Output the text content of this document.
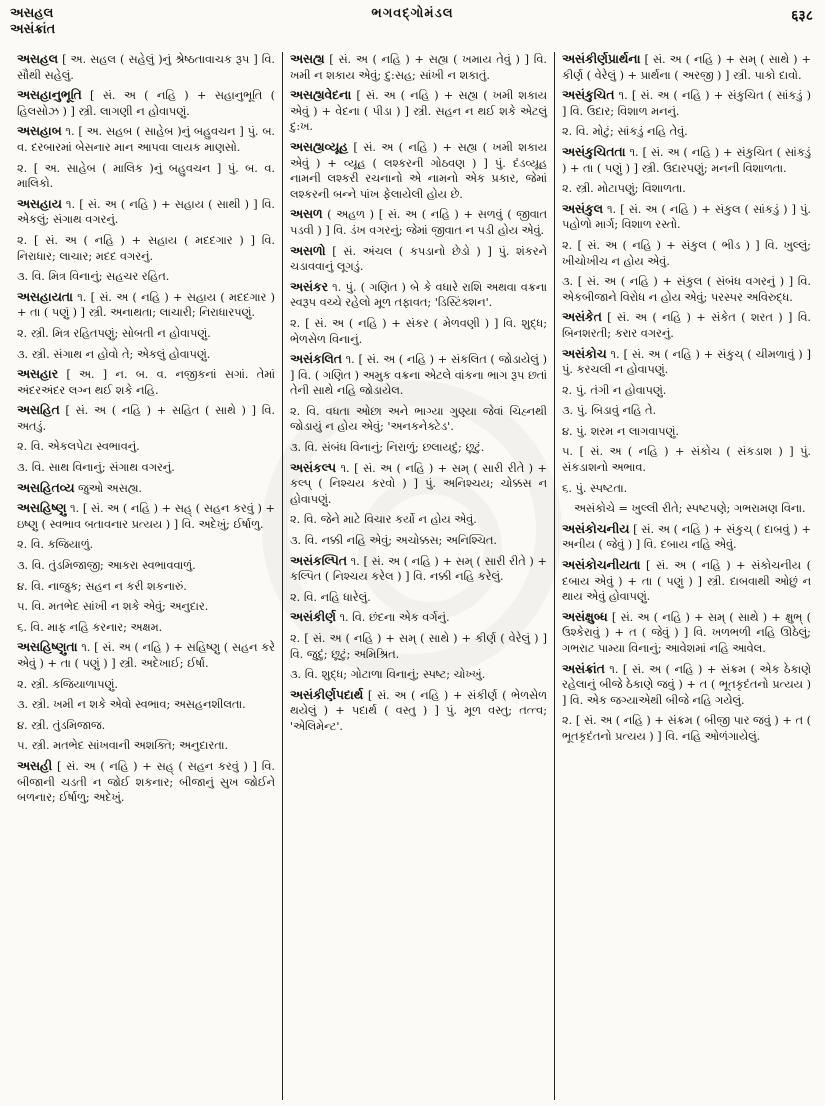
અસહલ
અસંક્રાંત
ભગવદ્ગોમંડલ	६३८
અસહલ [ અ. સહલ ( સહેલું )નું શ્રેષ્ઠતાવાચક રૂપ ] વિ. સૌથી સહેલું.
અસહાનુભૂતિ [ સં. અ ( નહિ ) + સહાનુભૂતિ ( હિલસોઝ ) ] સ્ત્રી. લાગણી ન હોવાપણું.
અસહાબ ૧. [ અ. સહબ ( સાહેબ )નું બહુવચન ] પું. બ. વ. દરબારમાં બેસનાર માન આપવા લાયક માણસો.
૨. [ અ. સાહેબ ( માલિક )નું બહુવચન ] પું. બ. વ. માલિકો.
અસહાય ૧. [ સં. અ ( નહિ ) + સહાય ( સાથી ) ] વિ. એકલું; સંગાથ વગરનું.
૨. [ સં. અ ( નહિ ) + સહાય ( મદદગાર ) ] વિ. નિરાધાર; લાચાર; મદદ વગરનું.
૩. વિ. મિત્ર વિનાનું; સહચર રહિત.
અસહાયતા ૧. [ સં. અ ( નહિ ) + સહાય ( મદદગાર ) + તા ( પણું ) ] સ્ત્રી. અનાથતા; લાચારી; નિરાધારપણું.
૨. સ્ત્રી. મિત્ર રહિતપણું; સોબતી ન હોવાપણું.
૩. સ્ત્રી. સંગાથ ન હોવો તે; એકલું હોવાપણું.
અસહાર [ અ. ] ન. બ. વ. નજીકનાં સગાં. તેમાં અંદરઅંદર લગ્ન થઈ શકે નહિ.
અસહિત [ સં. અ ( નહિ ) + સહિત ( સાથે ) ] વિ. અતડું.
૨. વિ. એકલપેટા સ્વભાવનું.
૩. વિ. સાથ વિનાનું; સંગાથ વગરનું.
અસહિતવ્ય જુઓ અસહ્ય.
અસહિષ્ણુ ૧. [ સં. અ ( નહિ ) + સહ્ ( સહન કરવું ) + ઇષ્ણુ ( સ્વભાવ બતાવનાર પ્રત્યય ) ] વિ. અદેખું; ઈર્ષાળુ.
૨. વિ. કજિયાળું.
૩. વિ. તુંડમિજાજી; આકરા સ્વભાવવાળું.
૪. વિ. નાજુક; સહન ન કરી શકનારું.
૫. વિ. મતભેદ સાંખી ન શકે એવું; અનુદાર.
૬. વિ. માફ નહિ કરનાર; અક્ષમ.
અસહિષ્ણુતા ૧. [ સં. અ ( નહિ ) + સહિષ્ણુ ( સહન કરે એવું ) + તા ( પણું ) ] સ્ત્રી. અદેખાઈ; ઈર્ષા.
૨. સ્ત્રી. કજિયાળાપણું.
૩. સ્ત્રી. ખમી ન શકે એવો સ્વભાવ; અસહનશીલતા.
૪. સ્ત્રી. તુંડમિજાજ.
૫. સ્ત્રી. મતભેદ સાંખવાની અશક્તિ; અનુદારતા.
અસહી [ સં. અ ( નહિ ) + સહ્ ( સહન કરવું ) ] વિ. બીજાની ચડતી ન જોઈ શકનાર; બીજાનું સુખ જોઈને બળનાર; ઈર્ષાળુ; અદેખું.
અસહ્ય [ સં. અ ( નહિ ) + સહ્ય ( ખમાય તેવું ) ] વિ. ખમી ન શકાય એવું; દુ:સહ; સાંખી ન શકાતું.
અસહ્યવેદના [ સં. અ ( નહિ ) + સહ્ય ( ખમી શકાય એવું ) + વેદના ( પીડા ) ] સ્ત્રી. સહન ન થઈ શકે એટલું દુ:ખ.
અસહ્યવ્યૂહ [ સં. અ ( નહિ ) + સહ્ય ( ખમી શકાય એવું ) + વ્યૂહ ( લશ્કરની ગોઠવણ ) ] પું. દંડવ્યૂહ નામની લશ્કરી રચનાનો એ નામનો એક પ્રકાર, જેમાં લશ્કરની બન્ને પાંખ ફેલાયેલી હોય છે.
અસળ ( અહળ ) [ સં. અ ( નહિ ) + સળવું ( જીવાત પડવી ) ] વિ. ડંખ વગરનું; જેમાં જીવાત ન પડી હોય એવું.
અસળો [ સં. અંચલ ( કપડાનો છેડો ) ] પું. શંકરને ચડાવવાનું લૂગડું.
અસંકર ૧. પું. ( ગણિત ) બે કે વધારે રાશિ અથવા વક્રના સ્વરૂપ વચ્ચે રહેલો મૂળ તફાવત; 'ડિસ્ટિંક્શન'.
૨. [ સં. અ ( નહિ ) + સંકર ( મેળવણી ) ] વિ. શુદ્ધ; ભેળસેળ વિનાનું.
અસંકલિત ૧. [ સં. અ ( નહિ ) + સંકલિત ( જોડાયેલું ) ] વિ. ( ગણિત ) અમુક વક્રના એટલે વાંકના ભાગ રૂપ છતાં તેની સાથે નહિ જોડાયેલ.
૨. વિ. વધતા ઓછા અને ભાગ્યા ગુણ્યા જેવાં ચિહ્નથી જોડાયું ન હોય એવું; 'અનકનેક્ટેડ'.
૩. વિ. સંબંધ વિનાનું; નિરાળું; છલાયદું; છૂટું.
અસંકલ્પ ૧. [ સં. અ ( નહિ ) + સમ્ ( સારી રીતે ) + કલ્પ્ ( નિશ્ચય કરવો ) ] પું. અનિશ્ચય; ચોક્કસ ન હોવાપણું.
૨. વિ. જેને માટે વિચાર કર્યો ન હોય એવું.
૩. વિ. નક્કી નહિ એવું; અચોક્કસ; અનિશ્ચિત.
અસંકલ્પિત ૧. [ સં. અ ( નહિ ) + સમ્ ( સારી રીતે ) + કલ્પિત ( નિશ્ચય કરેલ ) ] વિ. નક્કી નહિ કરેલું.
૨. વિ. નહિ ધારેલું.
અસંકીર્ણ ૧. વિ. છંદના એક વર્ગનું.
૨. [ સં. અ ( નહિ ) + સમ્ ( સાથે ) + કીર્ણ ( વેરેલું ) ] વિ. જુદું; છૂટું; અમિશ્રિત.
૩. વિ. શુદ્ધ; ગોટાળા વિનાનું; સ્પષ્ટ; ચોખ્ખું.
અસંકીર્ણપદાર્થ [ સં. અ ( નહિ ) + સંકીર્ણ ( ભેળસેળ થયેલું ) + પદાર્થ ( વસ્તુ ) ] પું. મૂળ વસ્તુ; તત્ત્વ; 'એલિમેન્ટ'.
અસંકીર્ણપ્રાર્થના [ સં. અ ( નહિ ) + સમ્ ( સાથે ) + કીર્ણ ( વેરેલું ) + પ્રાર્થના ( અરજી ) ] સ્ત્રી. પાકો દાવો.
અસંકુચિત ૧. [ સં. અ ( નહિ ) + સંકુચિત ( સાંકડું ) ] વિ. ઉદાર; વિશાળ મનનું.
૨. વિ. મોટું; સાંકડું નહિ તેવું.
અસંકુચિતતા ૧. [ સં. અ ( નહિ ) + સંકુચિત ( સાંકડું ) + તા ( પણું ) ] સ્ત્રી. ઉદારપણું; મનની વિશાળતા.
૨. સ્ત્રી. મોટાપણું; વિશાળતા.
અસંકુલ ૧. [ સં. અ ( નહિ ) + સંકુલ ( સાંકડું ) ] પું. પહોળો માર્ગ; વિશાળ રસ્તો.
૨. [ સં. અ ( નહિ ) + સંકુલ ( ભીડ ) ] વિ. ખુલ્લું; ખીચોખીચ ન હોય એવું.
૩. [ સં. અ ( નહિ ) + સંકુલ ( સંબંધ વગરનું ) ] વિ. એકબીજાને વિરોધ ન હોય એવું; પરસ્પર અવિરુદ્ધ.
અસંકેત [ સં. અ ( નહિ ) + સંકેત ( શરત ) ] વિ. બિનશરતી; કરાર વગરનું.
અસંકોચ ૧. [ સં. અ ( નહિ ) + સંકુચ્ ( ચીમળાવું ) ] પું. કરચલી ન હોવાપણું.
૨. પું. તંગી ન હોવાપણું.
૩. પું. બિડાવું નહિ તે.
૪. પું. શરમ ન લાગવાપણું.
૫. [ સં. અ ( નહિ ) + સંકોચ ( સંકડાશ ) ] પું. સંકડાશનો અભાવ.
૬. પું. સ્પષ્ટતા.
અસંકોચે = ખુલ્લી રીતે; સ્પષ્ટપણે; ગભરામણ વિના.
અસંકોચનીય [ સં. અ ( નહિ ) + સંકુચ્ ( દાબવું ) + અનીય ( જેવું ) ] વિ. દબાય નહિ એવું.
અસંકોચનીયતા [ સં. અ ( નહિ ) + સંકોચનીય ( દબાય એવું ) + તા ( પણું ) ] સ્ત્રી. દાબવાથી ઓછું ન થાય એવું હોવાપણું.
અસંક્ષુબ્ધ [ સં. અ ( નહિ ) + સમ્ ( સાથે ) + ક્ષુભ્ ( ઉશ્કેરાવું ) + ત ( જેવું ) ] વિ. ખળભળી નહિ ઊઠેલું; ગભરાટ પામ્યા વિનાનું; આવેશમાં નહિ આવેલ.
અસંક્રાંત ૧. [ સં. અ ( નહિ ) + સંક્રમ ( એક ઠેકાણે રહેલાનું બીજે ઠેકાણે જવું ) + ત ( ભૂતકૃદંતનો પ્રત્યય ) ] વિ. એક જગ્યાએથી બીજે નહિ ગયેલું.
૨. [ સં. અ ( નહિ ) + સંક્રમ ( બીજી પાર જવું ) + ત ( ભૂતકૃદંતનો પ્રત્યય ) ] વિ. નહિ ઓળંગાયેલું.
